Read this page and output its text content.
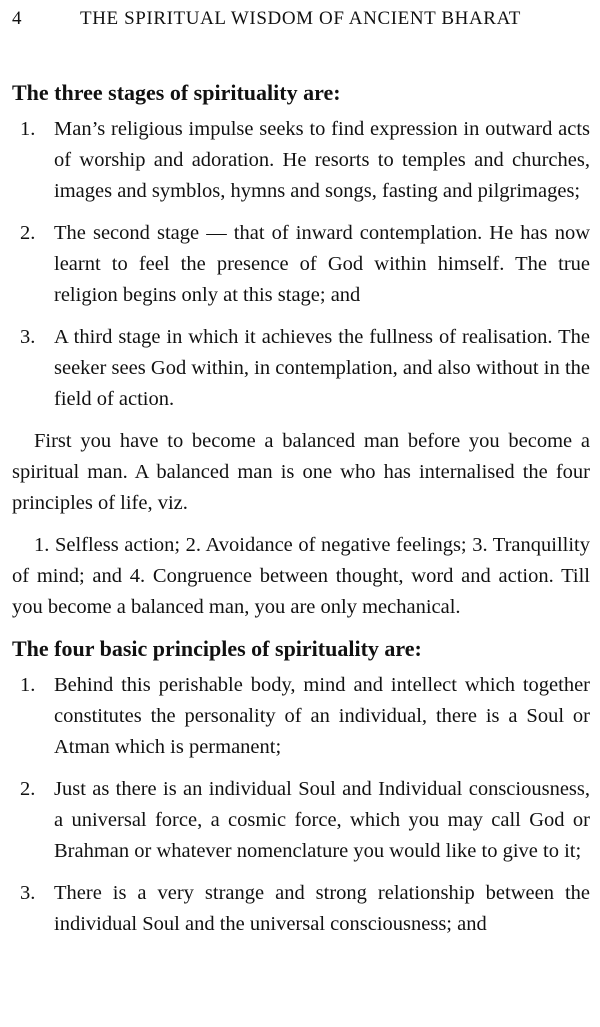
4	THE SPIRITUAL WISDOM OF ANCIENT BHARAT
The three stages of spirituality are:
1. Man’s religious impulse seeks to find expression in outward acts of worship and adoration. He resorts to temples and churches, images and symblos, hymns and songs, fasting and pilgrimages;
2. The second stage — that of inward contemplation. He has now learnt to feel the presence of God within himself. The true religion begins only at this stage; and
3. A third stage in which it achieves the fullness of realisation. The seeker sees God within, in contemplation, and also without in the field of action.

First you have to become a balanced man before you become a spiritual man. A balanced man is one who has internalised the four principles of life, viz.

1. Selfless action; 2. Avoidance of negative feelings; 3. Tranquillity of mind; and 4. Congruence between thought, word and action. Till you become a balanced man, you are only mechanical.

The four basic principles of spirituality are:
1. Behind this perishable body, mind and intellect which together constitutes the personality of an individual, there is a Soul or Atman which is permanent;
2. Just as there is an individual Soul and Individual consciousness, a universal force, a cosmic force, which you may call God or Brahman or whatever nomenclature you would like to give to it;
3. There is a very strange and strong relationship between the individual Soul and the universal consciousness; and
